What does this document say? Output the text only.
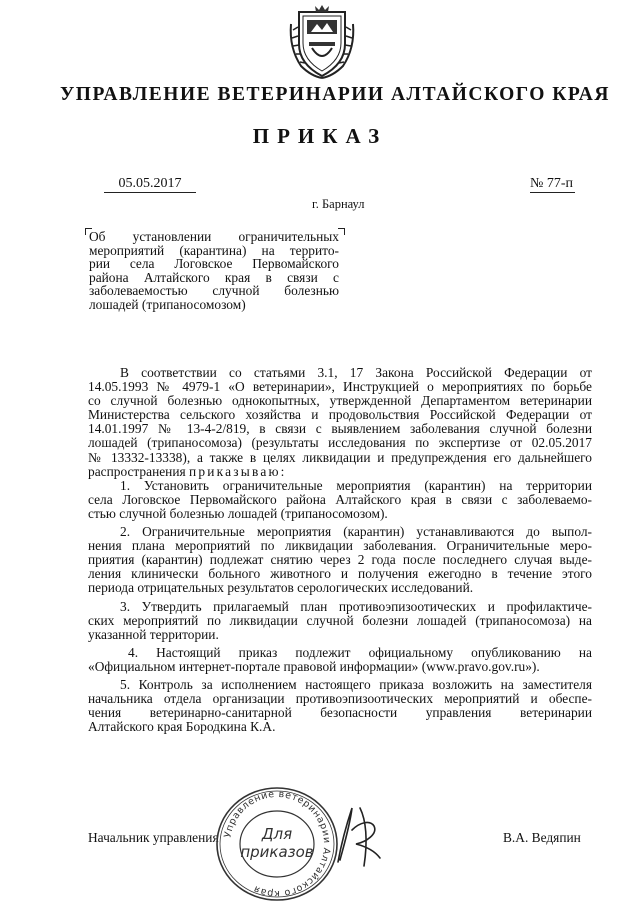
УПРАВЛЕНИЕ ВЕТЕРИНАРИИ АЛТАЙСКОГО КРАЯ
ПРИКАЗ
05.05.2017	№ 77-п
г. Барнаул
Об установлении ограничительных
мероприятий (карантина) на террито-
рии села Логовское Первомайского
района Алтайского края в связи с
заболеваемостью случной болезнью
лошадей (трипаносомозом)
В соответствии со статьями 3.1, 17 Закона Российской Федерации от
14.05.1993 № 4979-1 «О ветеринарии», Инструкцией о мероприятиях по борьбе
со случной болезнью однокопытных, утвержденной Департаментом ветеринарии
Министерства сельского хозяйства и продовольствия Российской Федерации от
14.01.1997 № 13-4-2/819, в связи с выявлением заболевания случной болезни
лошадей (трипаносомоза) (результаты исследования по экспертизе от 02.05.2017
№ 13332-13338), а также в целях ликвидации и предупреждения его дальнейшего
распространения приказываю:
1. Установить ограничительные мероприятия (карантин) на территории
села Логовское Первомайского района Алтайского края в связи с заболеваемо-
стью случной болезнью лошадей (трипаносомозом).
2. Ограничительные мероприятия (карантин) устанавливаются до выпол-
нения плана мероприятий по ликвидации заболевания. Ограничительные меро-
приятия (карантин) подлежат снятию через 2 года после последнего случая выде-
ления клинически больного животного и получения ежегодно в течение этого
периода отрицательных результатов серологических исследований.
3. Утвердить прилагаемый план противоэпизоотических и профилактиче-
ских мероприятий по ликвидации случной болезни лошадей (трипаносомоза) на
указанной территории.
4. Настоящий приказ подлежит официальному опубликованию на
«Официальном интернет-портале правовой информации» (www.pravo.gov.ru»).
5. Контроль за исполнением настоящего приказа возложить на заместителя
начальника отдела организации противоэпизоотических мероприятий и обеспе-
чения ветеринарно-санитарной безопасности управления ветеринарии
Алтайского края Бородкина К.А.
Начальник управления	В.А. Ведяпин
Управление ветеринарии Алтайского края
Для
приказов
